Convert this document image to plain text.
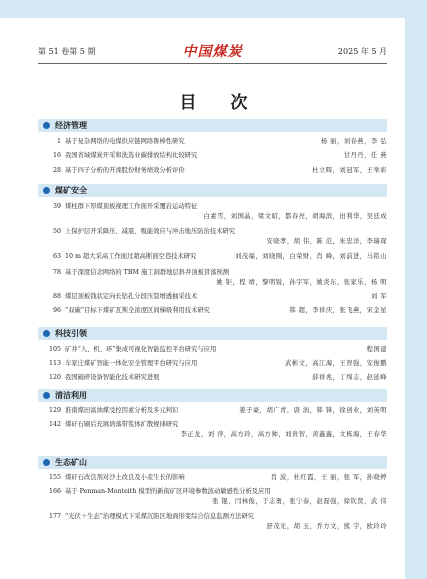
第 51 卷第 5 期	中国煤炭	2025 年 5 月
目 次
经济管理
1 基于复杂网络的电煤供应链网络鲁棒性研究	杨 丽，刘春燕，李 弘
16 我国省域煤炭开采和洗选业碳排放结构比较研究	甘丹丹，任 燕
28 基于四子分析的开滦股份财务绩效分析评价	杜立晖，刘冠军，王举彩
煤矿安全
39 煤柱群下厚煤顶板视理工作面开采覆岩运动特征
白素雪，刘国晶，梁文昭，都春亮，胡海滨，田利华，吴廷成
50 上保护层开采降压、减震、吸能效应与冲击地压防治技术研究
安晓孝，胡 伟，陈 范，朱忠洋，李瑞琛
63 10 m 超大采高工作面过超高断面空巷技术研究	刘茂福，刘晓刚，白荣财，肖 峰，刘前进，马铭山
78 基于深度信念网络的 TBM 施工洞群地层斜井顶板冒落预测
姚 钜，程 靖，黎明锐，孙宇军，姚炎东，张家乐，杨 明
88 煤层顶板钱状定向长钻孔分段压裂增透抽采技术	刘 军
96 “双碳”目标下煤矿瓦斯全浓度区间梯级利用技术研究	韩 超，李祥庆，张飞燕，宋金星
科技引领
105 矿井“人、机、环”集成可视化智能监控平台研究与应用	程国建
113 车家庄煤矿智能一体化安全管理平台研究与应用	武彬文，高江海，王智强，安俊鹏
120 我国破碎设备智能化技术研究进展	薛祥兆，丁绵志，赵延峰
清洁利用
129 淮南煤田富油煤受控因素分析及多元判识	姜子豪，胡广青，唐 润，韩 锋，徐创业，刘英明
142 煤矸石刷后充填培落带浆体扩散规律研究
李正龙，刘 萍，高方玲，高方帅，刘贵智，黄鑫鑫，文栋海，王春华
生态矿山
155 煤矸石改良剂对沙土改良及小麦生长的影响	肖 波，杜红霞，王 丽，张 军，孙晓婷
166 基于 Penman-Monteith 模型的新街矿区环境参数波动敏感性分析及应用
张 锟，闫林俊，于志勇，张宁泰，赵磊强，徐钦贤，武 伟
177 “光伏＋生态”治理模式下采煤沉陷区地面形变综合信息监测方法研究
舒茂光，胡 玉，乔方文，熊 宇，欧玲玲
